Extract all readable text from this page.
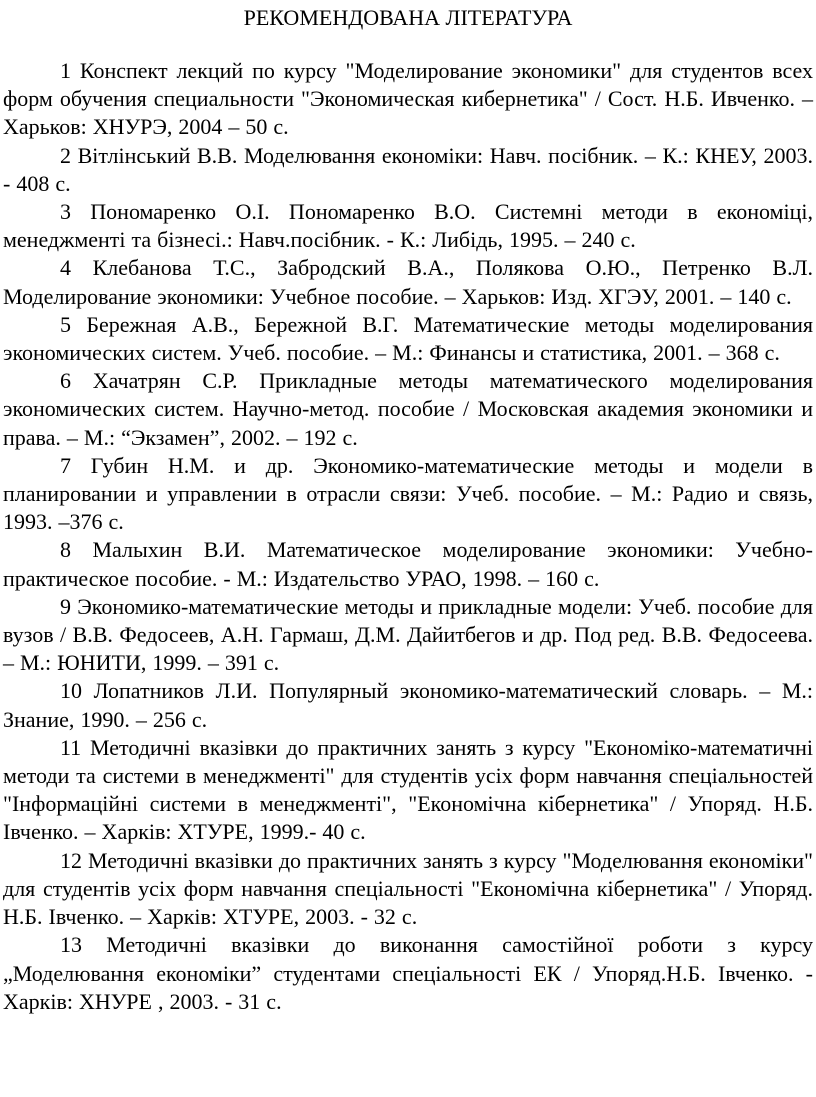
РЕКОМЕНДОВАНА ЛІТЕРАТУРА

1 Конспект лекций по курсу "Моделирование экономики" для студентов всех форм обучения специальности "Экономическая кибернетика" / Сост. Н.Б. Ивченко. – Харьков: ХНУРЭ, 2004 – 50 с.

2 Вітлінський В.В. Моделювання економіки: Навч. посібник. – К.: КНЕУ, 2003. - 408 с.

3 Пономаренко О.І. Пономаренко В.О. Системні методи в економіці, менеджменті та бізнесі.: Навч.посібник. - К.: Либідь, 1995. – 240 с.

4 Клебанова Т.С., Забродский В.А., Полякова О.Ю., Петренко В.Л. Моделирование экономики: Учебное пособие. – Харьков: Изд. ХГЭУ, 2001. – 140 с.

5 Бережная А.В., Бережной В.Г. Математические методы моделирования экономических систем. Учеб. пособие. – М.: Финансы и статистика, 2001. – 368 с.

6 Хачатрян С.Р. Прикладные методы математического моделирования экономических систем. Научно-метод. пособие / Московская академия экономики и права. – М.: “Экзамен”, 2002. – 192 с.

7 Губин Н.М. и др. Экономико-математические методы и модели в планировании и управлении в отрасли связи: Учеб. пособие. – М.: Радио и связь, 1993. –376 с.

8 Малыхин В.И. Математическое моделирование экономики: Учебно-практическое пособие. - М.: Издательство УРАО, 1998. – 160 с.

9 Экономико-математические методы и прикладные модели: Учеб. пособие для вузов / В.В. Федосеев, А.Н. Гармаш, Д.М. Дайитбегов и др. Под ред. В.В. Федосеева. – М.: ЮНИТИ, 1999. – 391 с.

10 Лопатников Л.И. Популярный экономико-математический словарь. – М.: Знание, 1990. – 256 с.

11 Методичні вказівки до практичних занять з курсу "Економіко-математичні методи та системи в менеджменті" для студентів усіх форм навчання спеціальностей "Інформаційні системи в менеджменті", "Економічна кібернетика" / Упоряд. Н.Б. Івченко. – Харків: ХТУРЕ, 1999.- 40 с.

12 Методичні вказівки до практичних занять з курсу "Моделювання економіки" для студентів усіх форм навчання спеціальності "Економічна кібернетика" / Упоряд. Н.Б. Івченко. – Харків: ХТУРЕ, 2003. - 32 с.

13 Методичні вказівки до виконання самостійної роботи з курсу „Моделювання економіки” студентами спеціальності ЕК / Упоряд.Н.Б. Івченко. - Харків: ХНУРЕ , 2003. - 31 с.
